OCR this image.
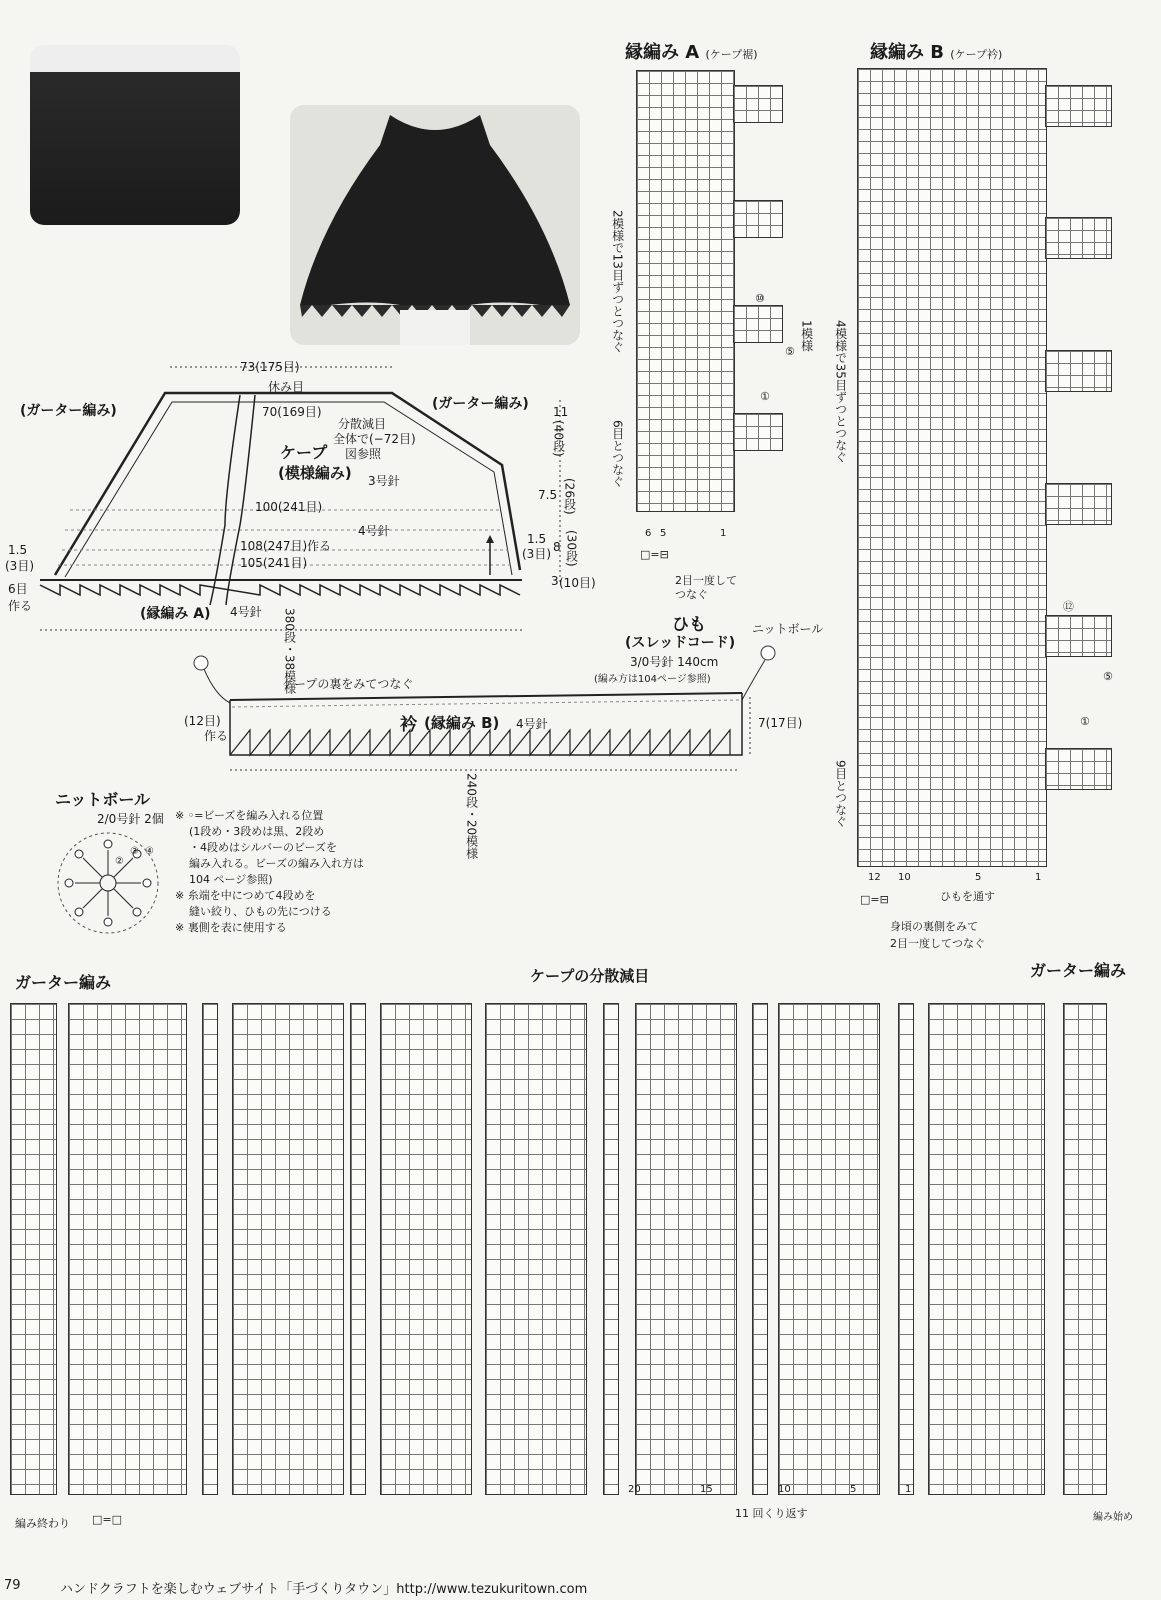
73(175目)
休み目
70(169目)
分散減目
全体で(−72目)
図参照
(ガーター編み)	(ガーター編み)
ケープ
(模様編み) 3号針
100(241目)
4号針
108(247目)作る
105(241目)
11
(40段)
7.5 (26段)
1.5
(3目) 8 (30段)
3 (10目)
1.5
(3目)
6目
作る	(縁編み A) 4号針 380段・38模様	ひも
(スレッドコード)
3/0号針 140cm
(編み方は104ページ参照)
ニットボール
ケープの裏をみてつなぐ
(12目)
作る
衿 (縁編み B) 4号針	7(17目)
240段・20模様
ニットボール
2/0号針 2個
②
③ ④
※ ◦=ビーズを編み入れる位置
(1段め・3段めは黒、2段め
・4段めはシルバーのビーズを
編み入れる。ビーズの編み入れ方は
104 ページ参照)
※ 糸端を中につめて4段めを
縫い絞り、ひもの先につける
※ 裏側を表に使用する
縁編み A (ケープ裾)
2模様で13目ずつとつなぐ
6目とつなぐ
1模様
⑩
⑤
①
6 5	1
□=⊟
2目一度して
つなぐ
縁編み B (ケープ衿)
4模様で35目ずつとつなぐ
9目とつなぐ
⑫
⑤
①
12 10	5	1
ひもを通す
□=⊟
身頃の裏側をみて
2目一度してつなぐ
ガーター編み	ケープの分散減目	ガーター編み
20	15	10	5	1
編み終わり □=□	11 回くり返す	編み始め
79	ハンドクラフトを楽しむウェブサイト「手づくりタウン」http://www.tezukuritown.com
